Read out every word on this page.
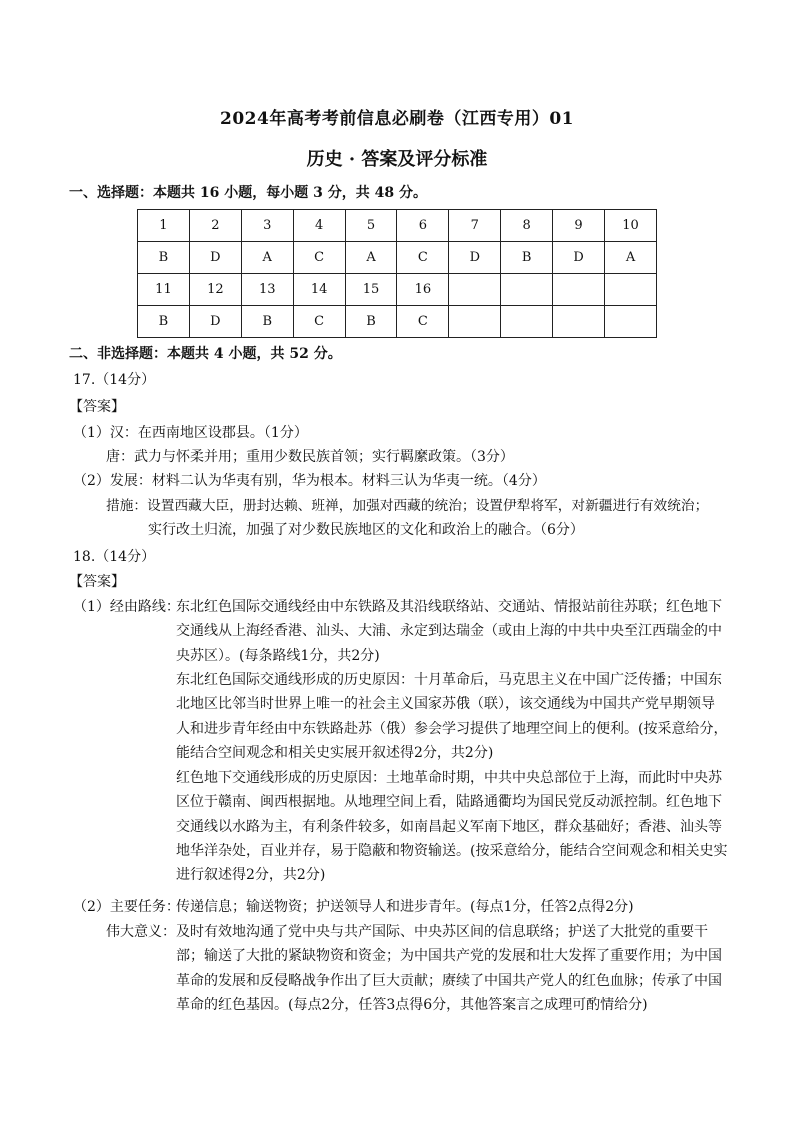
2024年高考考前信息必刷卷（江西专用）01
历史 · 答案及评分标准
一、选择题：本题共 16 小题，每小题 3 分，共 48 分。
1	2	3	4	5	6	7	8	9	10
B	D	A	C	A	C	D	B	D	A
11	12	13	14	15	16				
B	D	B	C	B	C				
二、非选择题：本题共 4 小题，共 52 分。
17.（14分）
【答案】
（1）汉：在西南地区设郡县。（1分）
唐：武力与怀柔并用；重用少数民族首领；实行羁縻政策。（3分）
（2）发展：材料二认为华夷有别，华为根本。材料三认为华夷一统。（4分）
措施：设置西藏大臣，册封达赖、班禅，加强对西藏的统治；设置伊犁将军，对新疆进行有效统治；
实行改土归流，加强了对少数民族地区的文化和政治上的融合。（6分）
18.（14分）
【答案】
（1）经由路线：
东北红色国际交通线经由中东铁路及其沿线联络站、交通站、情报站前往苏联；红色地下交通线从上海经香港、汕头、大浦、永定到达瑞金（或由上海的中共中央至江西瑞金的中央苏区）。(每条路线1分，共2分)
东北红色国际交通线形成的历史原因：十月革命后，马克思主义在中国广泛传播；中国东北地区比邻当时世界上唯一的社会主义国家苏俄（联），该交通线为中国共产党早期领导人和进步青年经由中东铁路赴苏（俄）参会学习提供了地理空间上的便利。(按采意给分，能结合空间观念和相关史实展开叙述得2分，共2分)
红色地下交通线形成的历史原因：土地革命时期，中共中央总部位于上海，而此时中央苏区位于赣南、闽西根据地。从地理空间上看，陆路通衢均为国民党反动派控制。红色地下交通线以水路为主，有利条件较多，如南昌起义军南下地区，群众基础好；香港、汕头等地华洋杂处，百业并存，易于隐蔽和物资输送。(按采意给分，能结合空间观念和相关史实进行叙述得2分，共2分)
（2）主要任务：
传递信息；输送物资；护送领导人和进步青年。(每点1分，任答2点得2分)
伟大意义： 及时有效地沟通了党中央与共产国际、中央苏区间的信息联络；护送了大批党的重要干部；输送了大批的紧缺物资和资金；为中国共产党的发展和壮大发挥了重要作用；为中国革命的发展和反侵略战争作出了巨大贡献；赓续了中国共产党人的红色血脉；传承了中国革命的红色基因。(每点2分，任答3点得6分，其他答案言之成理可酌情给分)
